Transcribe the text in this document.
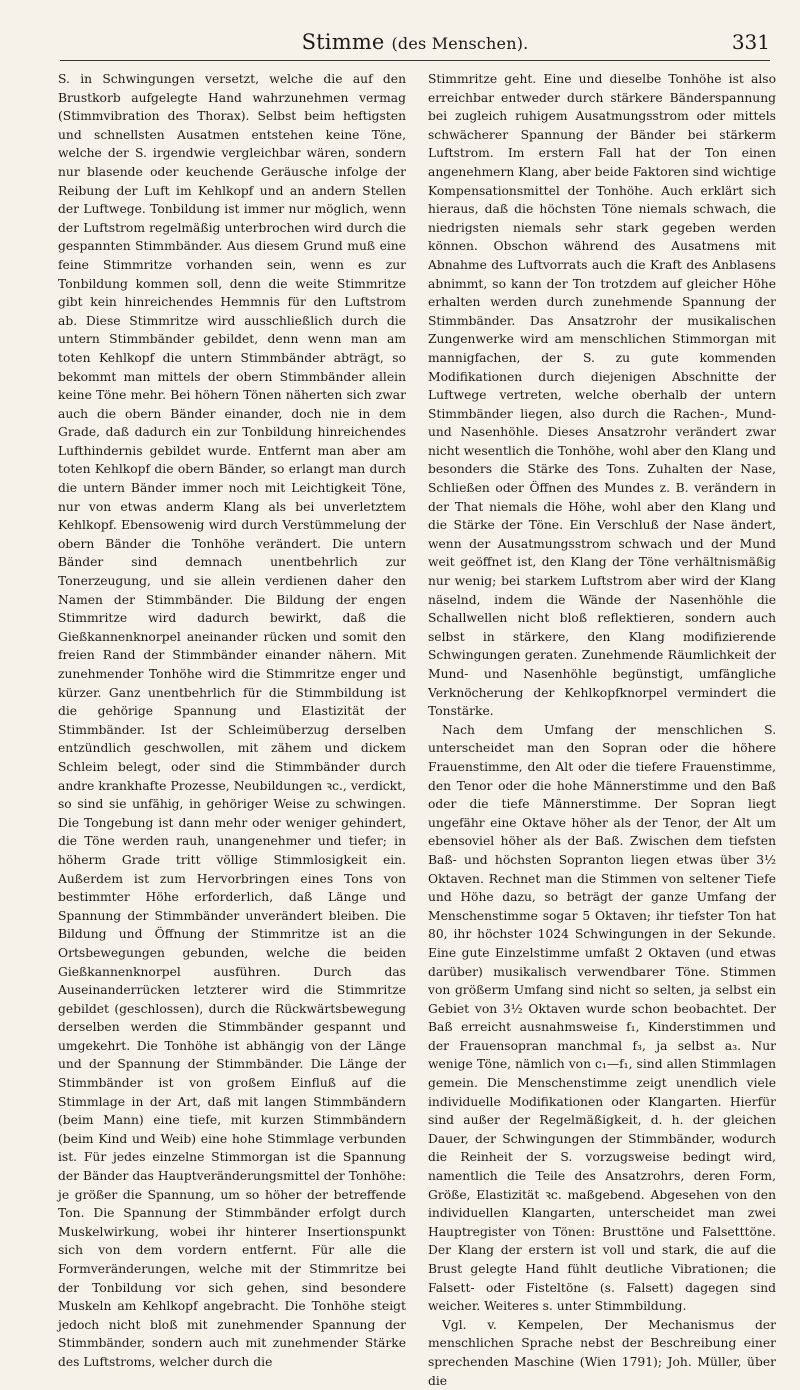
Stimme (des Menschen).	331

S. in Schwingungen versetzt, welche die auf den Brustkorb aufgelegte Hand wahrzunehmen vermag (Stimmvibration des Thorax). Selbst beim heftigsten und schnellsten Ausatmen entstehen keine Töne, welche der S. irgendwie vergleichbar wären, sondern nur blasende oder keuchende Geräusche infolge der Reibung der Luft im Kehlkopf und an andern Stellen der Luftwege. Tonbildung ist immer nur möglich, wenn der Luftstrom regelmäßig unterbrochen wird durch die gespannten Stimmbänder. Aus diesem Grund muß eine feine Stimmritze vorhanden sein, wenn es zur Tonbildung kommen soll, denn die weite Stimmritze gibt kein hinreichendes Hemmnis für den Luftstrom ab. Diese Stimmritze wird ausschließlich durch die untern Stimmbänder gebildet, denn wenn man am toten Kehlkopf die untern Stimmbänder abträgt, so bekommt man mittels der obern Stimmbänder allein keine Töne mehr. Bei höhern Tönen näherten sich zwar auch die obern Bänder einander, doch nie in dem Grade, daß dadurch ein zur Tonbildung hinreichendes Lufthindernis gebildet wurde. Entfernt man aber am toten Kehlkopf die obern Bänder, so erlangt man durch die untern Bänder immer noch mit Leichtigkeit Töne, nur von etwas anderm Klang als bei unverletztem Kehlkopf. Ebensowenig wird durch Verstümmelung der obern Bänder die Tonhöhe verändert. Die untern Bänder sind demnach unentbehrlich zur Tonerzeugung, und sie allein verdienen daher den Namen der Stimmbänder. Die Bildung der engen Stimmritze wird dadurch bewirkt, daß die Gießkannenknorpel aneinander rücken und somit den freien Rand der Stimmbänder einander nähern. Mit zunehmender Tonhöhe wird die Stimmritze enger und kürzer. Ganz unentbehrlich für die Stimmbildung ist die gehörige Spannung und Elastizität der Stimmbänder. Ist der Schleimüberzug derselben entzündlich geschwollen, mit zähem und dickem Schleim belegt, oder sind die Stimmbänder durch andre krankhafte Prozesse, Neubildungen ꝛc., verdickt, so sind sie unfähig, in gehöriger Weise zu schwingen. Die Tongebung ist dann mehr oder weniger gehindert, die Töne werden rauh, unangenehmer und tiefer; in höherm Grade tritt völlige Stimmlosigkeit ein. Außerdem ist zum Hervorbringen eines Tons von bestimmter Höhe erforderlich, daß Länge und Spannung der Stimmbänder unverändert bleiben. Die Bildung und Öffnung der Stimmritze ist an die Ortsbewegungen gebunden, welche die beiden Gießkannenknorpel ausführen. Durch das Auseinanderrücken letzterer wird die Stimmritze gebildet (geschlossen), durch die Rückwärtsbewegung derselben werden die Stimmbänder gespannt und umgekehrt. Die Tonhöhe ist abhängig von der Länge und der Spannung der Stimmbänder. Die Länge der Stimmbänder ist von großem Einfluß auf die Stimmlage in der Art, daß mit langen Stimmbändern (beim Mann) eine tiefe, mit kurzen Stimmbändern (beim Kind und Weib) eine hohe Stimmlage verbunden ist. Für jedes einzelne Stimmorgan ist die Spannung der Bänder das Hauptveränderungsmittel der Tonhöhe: je größer die Spannung, um so höher der betreffende Ton. Die Spannung der Stimmbänder erfolgt durch Muskelwirkung, wobei ihr hinterer Insertionspunkt sich von dem vordern entfernt. Für alle die Formveränderungen, welche mit der Stimmritze bei der Tonbildung vor sich gehen, sind besondere Muskeln am Kehlkopf angebracht. Die Tonhöhe steigt jedoch nicht bloß mit zunehmender Spannung der Stimmbänder, sondern auch mit zunehmender Stärke des Luftstroms, welcher durch die

Stimmritze geht. Eine und dieselbe Tonhöhe ist also erreichbar entweder durch stärkere Bänderspannung bei zugleich ruhigem Ausatmungsstrom oder mittels schwächerer Spannung der Bänder bei stärkerm Luftstrom. Im erstern Fall hat der Ton einen angenehmern Klang, aber beide Faktoren sind wichtige Kompensationsmittel der Tonhöhe. Auch erklärt sich hieraus, daß die höchsten Töne niemals schwach, die niedrigsten niemals sehr stark gegeben werden können. Obschon während des Ausatmens mit Abnahme des Luftvorrats auch die Kraft des Anblasens abnimmt, so kann der Ton trotzdem auf gleicher Höhe erhalten werden durch zunehmende Spannung der Stimmbänder. Das Ansatzrohr der musikalischen Zungenwerke wird am menschlichen Stimmorgan mit mannigfachen, der S. zu gute kommenden Modifikationen durch diejenigen Abschnitte der Luftwege vertreten, welche oberhalb der untern Stimmbänder liegen, also durch die Rachen-, Mund- und Nasenhöhle. Dieses Ansatzrohr verändert zwar nicht wesentlich die Tonhöhe, wohl aber den Klang und besonders die Stärke des Tons. Zuhalten der Nase, Schließen oder Öffnen des Mundes z. B. verändern in der That niemals die Höhe, wohl aber den Klang und die Stärke der Töne. Ein Verschluß der Nase ändert, wenn der Ausatmungsstrom schwach und der Mund weit geöffnet ist, den Klang der Töne verhältnismäßig nur wenig; bei starkem Luftstrom aber wird der Klang näselnd, indem die Wände der Nasenhöhle die Schallwellen nicht bloß reflektieren, sondern auch selbst in stärkere, den Klang modifizierende Schwingungen geraten. Zunehmende Räumlichkeit der Mund- und Nasenhöhle begünstigt, umfängliche Verknöcherung der Kehlkopfknorpel vermindert die Tonstärke.

Nach dem Umfang der menschlichen S. unterscheidet man den Sopran oder die höhere Frauenstimme, den Alt oder die tiefere Frauenstimme, den Tenor oder die hohe Männerstimme und den Baß oder die tiefe Männerstimme. Der Sopran liegt ungefähr eine Oktave höher als der Tenor, der Alt um ebensoviel höher als der Baß. Zwischen dem tiefsten Baß- und höchsten Sopranton liegen etwas über 3½ Oktaven. Rechnet man die Stimmen von seltener Tiefe und Höhe dazu, so beträgt der ganze Umfang der Menschenstimme sogar 5 Oktaven; ihr tiefster Ton hat 80, ihr höchster 1024 Schwingungen in der Sekunde. Eine gute Einzelstimme umfaßt 2 Oktaven (und etwas darüber) musikalisch verwendbarer Töne. Stimmen von größerm Umfang sind nicht so selten, ja selbst ein Gebiet von 3½ Oktaven wurde schon beobachtet. Der Baß erreicht ausnahmsweise f₁, Kinderstimmen und der Frauensopran manchmal f₃, ja selbst a₃. Nur wenige Töne, nämlich von c₁—f₁, sind allen Stimmlagen gemein. Die Menschenstimme zeigt unendlich viele individuelle Modifikationen oder Klangarten. Hierfür sind außer der Regelmäßigkeit, d. h. der gleichen Dauer, der Schwingungen der Stimmbänder, wodurch die Reinheit der S. vorzugsweise bedingt wird, namentlich die Teile des Ansatzrohrs, deren Form, Größe, Elastizität ꝛc. maßgebend. Abgesehen von den individuellen Klangarten, unterscheidet man zwei Hauptregister von Tönen: Brusttöne und Falsetttöne. Der Klang der erstern ist voll und stark, die auf die Brust gelegte Hand fühlt deutliche Vibrationen; die Falsett- oder Fisteltöne (s. Falsett) dagegen sind weicher. Weiteres s. unter Stimmbildung.

Vgl. v. Kempelen, Der Mechanismus der menschlichen Sprache nebst der Beschreibung einer sprechenden Maschine (Wien 1791); Joh. Müller, über die
